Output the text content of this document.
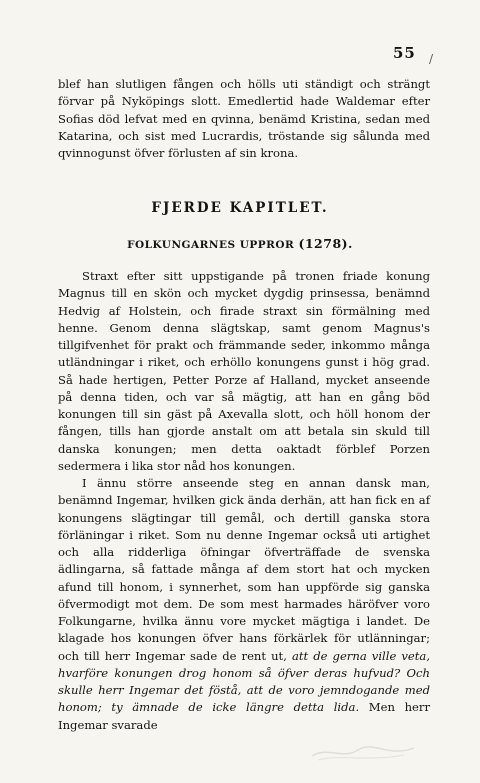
55 /

blef han slutligen fången och hölls uti ständigt och strängt förvar på Nyköpings slott. Emedlertid hade Waldemar efter Sofias död lefvat med en qvinna, benämd Kristina, sedan med Katarina, och sist med Lucrardis, tröstande sig sålunda med qvinnogunst öfver förlusten af sin krona.

FJERDE KAPITLET.
FOLKUNGARNES UPPROR (1278).

Straxt efter sitt uppstigande på tronen friade konung Magnus till en skön och mycket dygdig prinsessa, benämnd Hedvig af Holstein, och firade straxt sin förmälning med henne. Genom denna slägtskap, samt genom Magnus's tillgifvenhet för prakt och främmande seder, inkommo många utländningar i riket, och erhöllo konungens gunst i hög grad. Så hade hertigen, Petter Porze af Halland, mycket anseende på denna tiden, och var så mägtig, att han en gång böd konungen till sin gäst på Axevalla slott, och höll honom der fången, tills han gjorde anstalt om att betala sin skuld till danska konungen; men detta oaktadt förblef Porzen sedermera i lika stor nåd hos konungen.

I ännu större anseende steg en annan dansk man, benämnd Ingemar, hvilken gick ända derhän, att han fick en af konungens slägtingar till gemål, och dertill ganska stora förläningar i riket. Som nu denne Ingemar också uti artighet och alla ridderliga öfningar öfverträffade de svenska ädlingarna, så fattade många af dem stort hat och mycken afund till honom, i synnerhet, som han uppförde sig ganska öfvermodigt mot dem. De som mest harmades häröfver voro Folkungarne, hvilka ännu vore mycket mägtiga i landet. De klagade hos konungen öfver hans förkärlek för utlänningar; och till herr Ingemar sade de rent ut, att de gerna ville veta, hvarföre konungen drog honom så öfver deras hufvud? Och skulle herr Ingemar det föstå, att de voro jemndogande med honom; ty ämnade de icke längre detta lida. Men herr Ingemar svarade
